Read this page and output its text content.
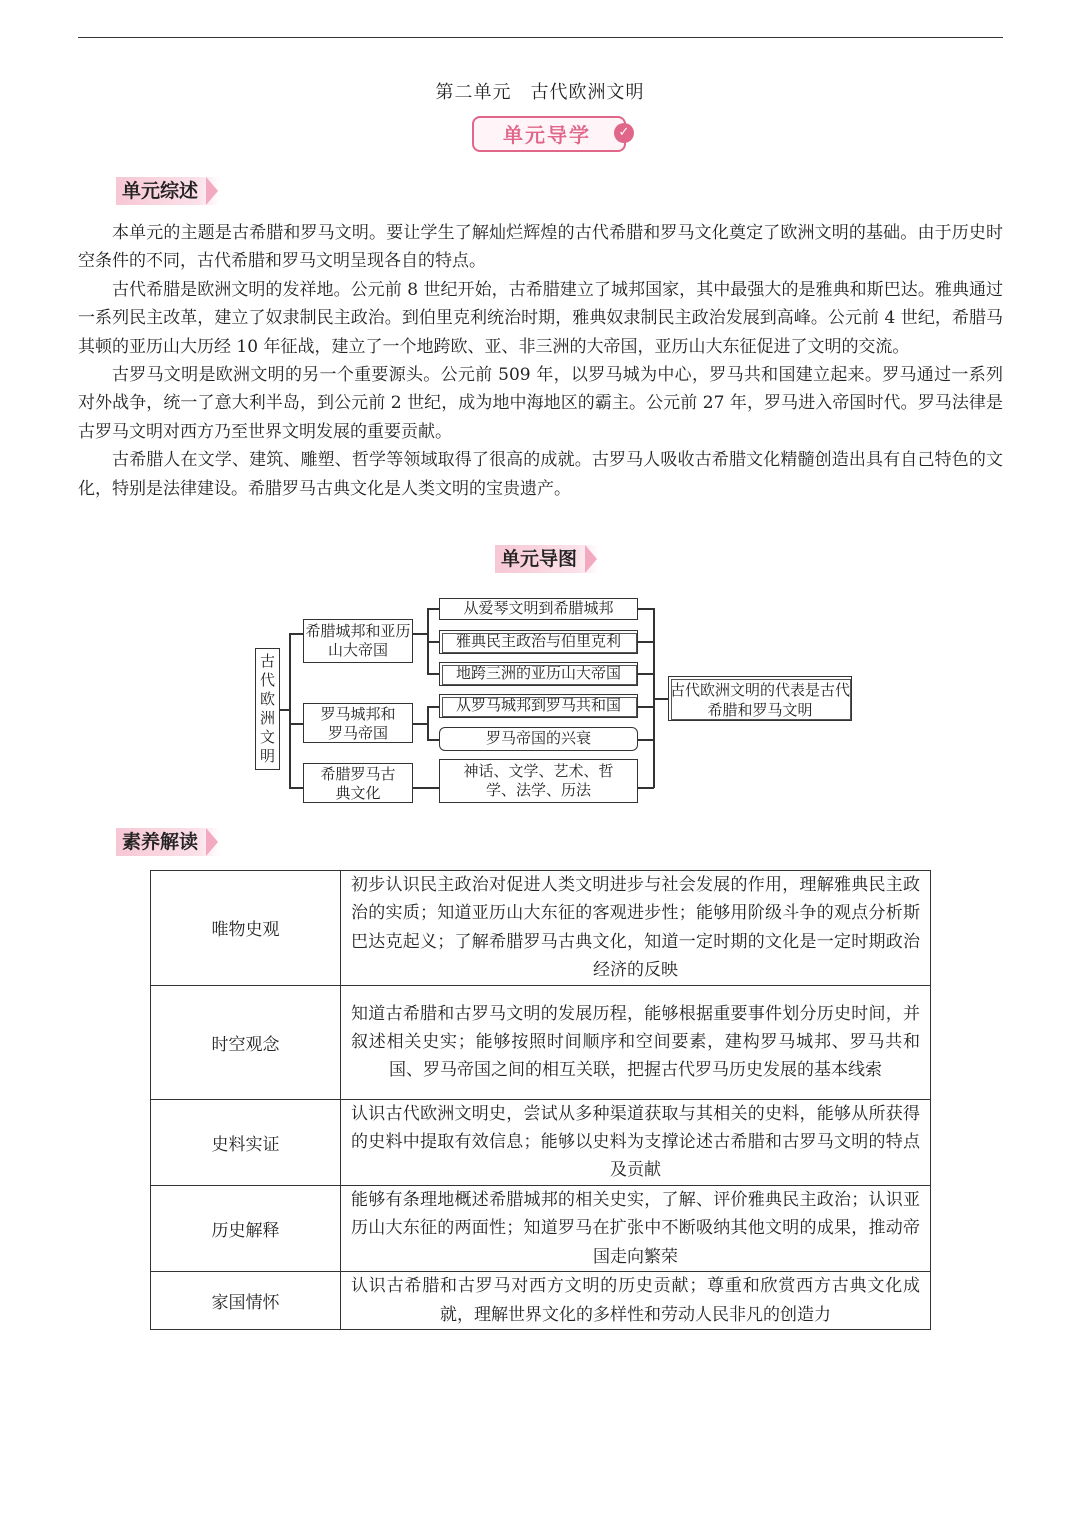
第二单元　古代欧洲文明
单元导学	✓
单元综述

本单元的主题是古希腊和罗马文明。要让学生了解灿烂辉煌的古代希腊和罗马文化奠定了欧洲文明的基础。由于历史时空条件的不同，古代希腊和罗马文明呈现各自的特点。

古代希腊是欧洲文明的发祥地。公元前 8 世纪开始，古希腊建立了城邦国家，其中最强大的是雅典和斯巴达。雅典通过一系列民主改革，建立了奴隶制民主政治。到伯里克利统治时期，雅典奴隶制民主政治发展到高峰。公元前 4 世纪，希腊马其顿的亚历山大历经 10 年征战，建立了一个地跨欧、亚、非三洲的大帝国，亚历山大东征促进了文明的交流。

古罗马文明是欧洲文明的另一个重要源头。公元前 509 年，以罗马城为中心，罗马共和国建立起来。罗马通过一系列对外战争，统一了意大利半岛，到公元前 2 世纪，成为地中海地区的霸主。公元前 27 年，罗马进入帝国时代。罗马法律是古罗马文明对西方乃至世界文明发展的重要贡献。

古希腊人在文学、建筑、雕塑、哲学等领域取得了很高的成就。古罗马人吸收古希腊文化精髓创造出具有自己特色的文化，特别是法律建设。希腊罗马古典文化是人类文明的宝贵遗产。

单元导图
古代欧洲文明
希腊城邦和亚历山大帝国
罗马城邦和罗马帝国
希腊罗马古典文化
从爱琴文明到希腊城邦
雅典民主政治与伯里克利
地跨三洲的亚历山大帝国
从罗马城邦到罗马共和国
罗马帝国的兴衰
神话、文学、艺术、哲学、法学、历法
古代欧洲文明的代表是古代希腊和罗马文明
素养解读
唯物史观	初步认识民主政治对促进人类文明进步与社会发展的作用，理解雅典民主政治的实质；知道亚历山大东征的客观进步性；能够用阶级斗争的观点分析斯巴达克起义；了解希腊罗马古典文化，知道一定时期的文化是一定时期政治经济的反映
时空观念	知道古希腊和古罗马文明的发展历程，能够根据重要事件划分历史时间，并叙述相关史实；能够按照时间顺序和空间要素，建构罗马城邦、罗马共和国、罗马帝国之间的相互关联，把握古代罗马历史发展的基本线索
史料实证	认识古代欧洲文明史，尝试从多种渠道获取与其相关的史料，能够从所获得的史料中提取有效信息；能够以史料为支撑论述古希腊和古罗马文明的特点及贡献
历史解释	能够有条理地概述希腊城邦的相关史实，了解、评价雅典民主政治；认识亚历山大东征的两面性；知道罗马在扩张中不断吸纳其他文明的成果，推动帝国走向繁荣
家国情怀	认识古希腊和古罗马对西方文明的历史贡献；尊重和欣赏西方古典文化成就，理解世界文化的多样性和劳动人民非凡的创造力
